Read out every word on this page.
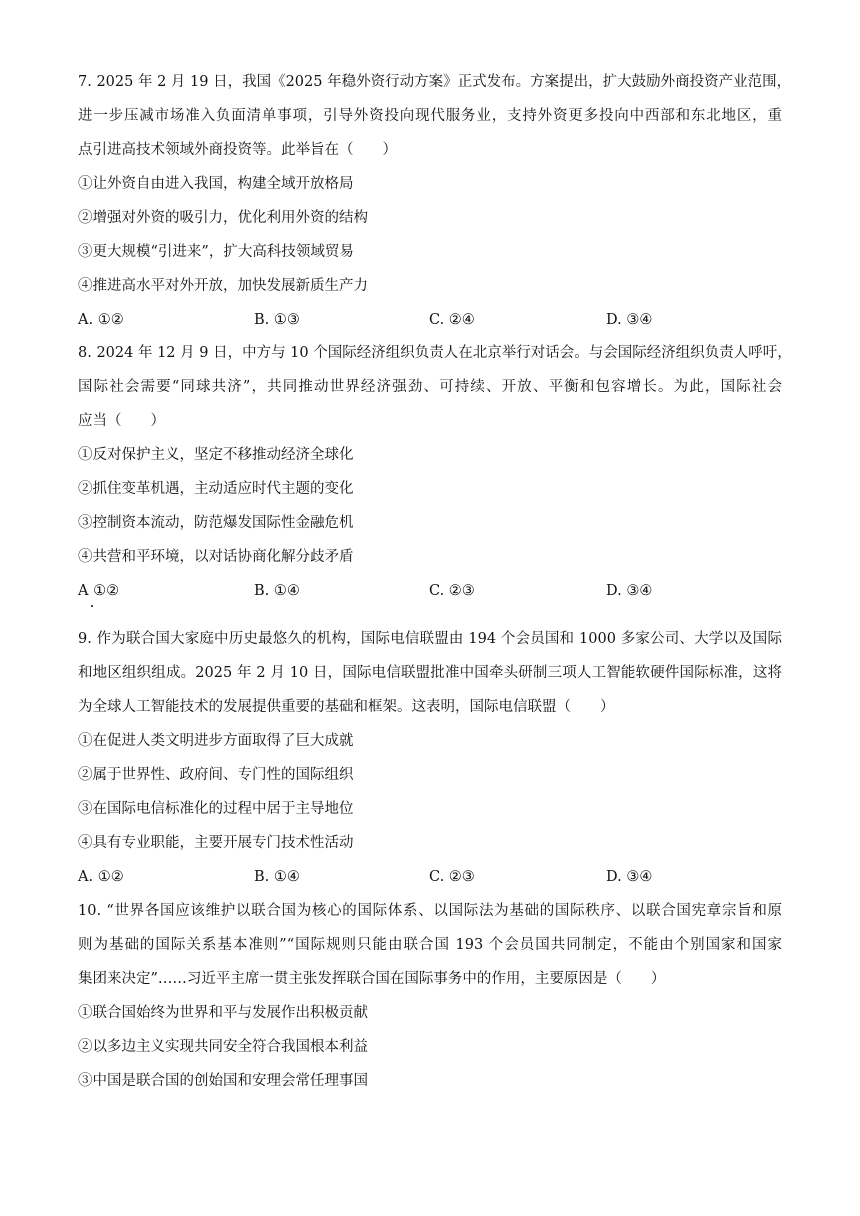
7. 2025 年 2 月 19 日，我国《2025 年稳外资行动方案》正式发布。方案提出，扩大鼓励外商投资产业范围，
进一步压减市场准入负面清单事项，引导外资投向现代服务业，支持外资更多投向中西部和东北地区，重
点引进高技术领域外商投资等。此举旨在（　　）
①让外资自由进入我国，构建全域开放格局
②增强对外资的吸引力，优化利用外资的结构
③更大规模“引进来”，扩大高科技领域贸易
④推进高水平对外开放，加快发展新质生产力
A. ①②	B. ①③	C. ②④	D. ③④
8. 2024 年 12 月 9 日，中方与 10 个国际经济组织负责人在北京举行对话会。与会国际经济组织负责人呼吁，
国际社会需要“同球共济”，共同推动世界经济强劲、可持续、开放、平衡和包容增长。为此，国际社会
应当（　　）
①反对保护主义，坚定不移推动经济全球化
②抓住变革机遇，主动适应时代主题的变化
③控制资本流动，防范爆发国际性金融危机
④共营和平环境，以对话协商化解分歧矛盾
A ①②	B. ①④	C. ②③	D. ③④
9. 作为联合国大家庭中历史最悠久的机构，国际电信联盟由 194 个会员国和 1000 多家公司、大学以及国际
和地区组织组成。2025 年 2 月 10 日，国际电信联盟批准中国牵头研制三项人工智能软硬件国际标准，这将
为全球人工智能技术的发展提供重要的基础和框架。这表明，国际电信联盟（　　）
①在促进人类文明进步方面取得了巨大成就
②属于世界性、政府间、专门性的国际组织
③在国际电信标准化的过程中居于主导地位
④具有专业职能，主要开展专门技术性活动
A. ①②	B. ①④	C. ②③	D. ③④
10. “世界各国应该维护以联合国为核心的国际体系、以国际法为基础的国际秩序、以联合国宪章宗旨和原
则为基础的国际关系基本准则”“国际规则只能由联合国 193 个会员国共同制定，不能由个别国家和国家
集团来决定”……习近平主席一贯主张发挥联合国在国际事务中的作用，主要原因是（　　）
①联合国始终为世界和平与发展作出积极贡献
②以多边主义实现共同安全符合我国根本利益
③中国是联合国的创始国和安理会常任理事国
